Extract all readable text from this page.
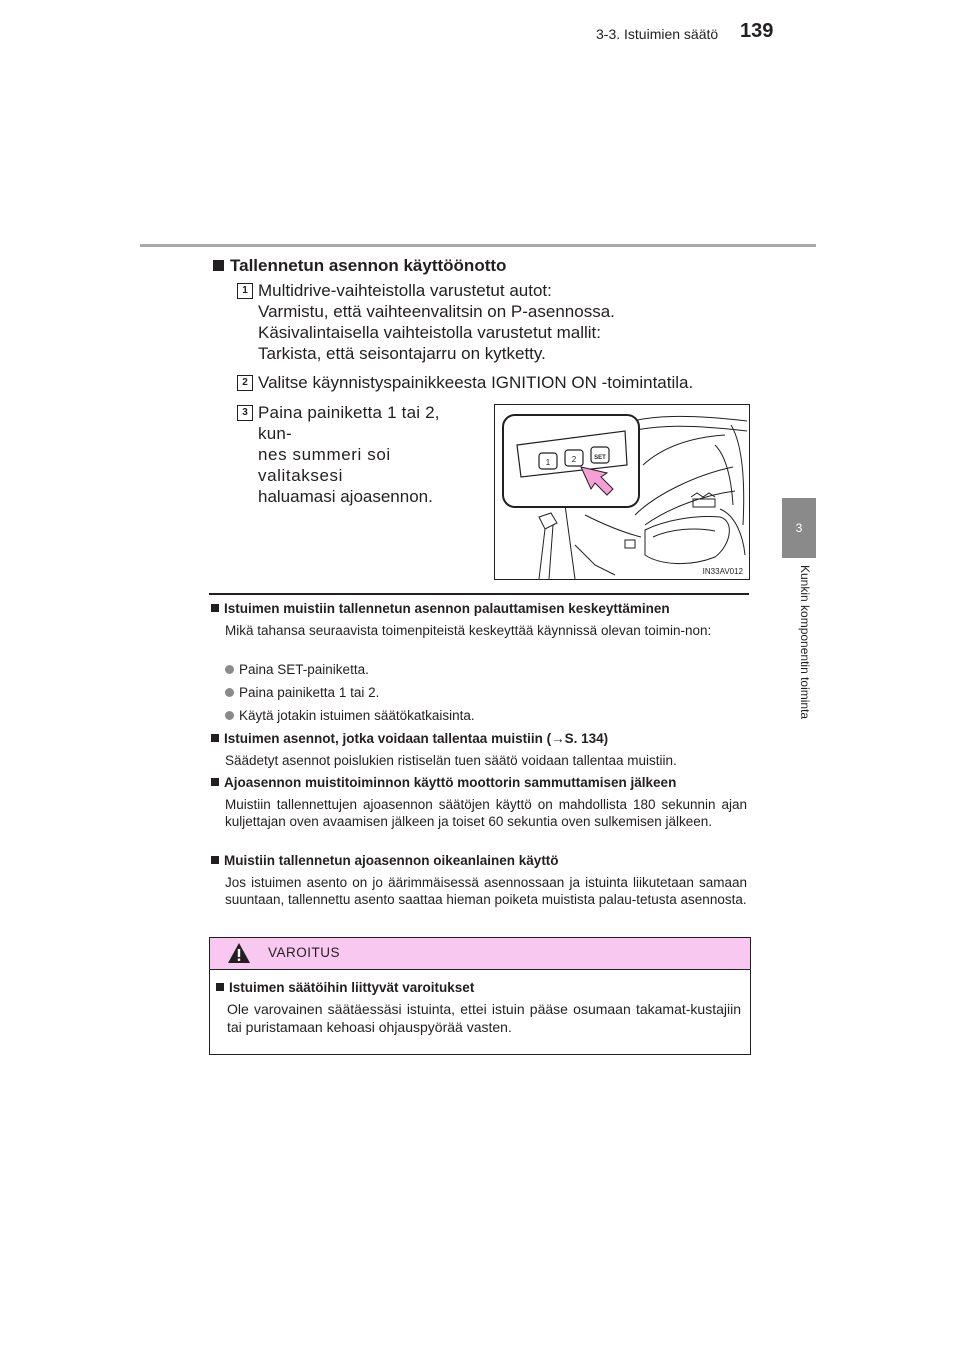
3-3. Istuimien säätö 139
3
Kunkin komponentin toiminta
Tallennetun asennon käyttöönotto
1 Multidrive-vaihteistolla varustetut autot:
Varmistu, että vaihteenvalitsin on P-asennossa.
Käsivalintaisella vaihteistolla varustetut mallit:
Tarkista, että seisontajarru on kytketty.
2 Valitse käynnistyspainikkeesta IGNITION ON -toimintatila.
3 Paina painiketta 1 tai 2, kun-
nes summeri soi valitaksesi
haluamasi ajoasennon.
1	2	SET
IN33AV012
Istuimen muistiin tallennetun asennon palauttamisen keskeyttäminen
Mikä tahansa seuraavista toimenpiteistä keskeyttää käynnissä olevan toimin-non:
Paina SET-painiketta.
Paina painiketta 1 tai 2.
Käytä jotakin istuimen säätökatkaisinta.
Istuimen asennot, jotka voidaan tallentaa muistiin (→S. 134)
Säädetyt asennot poislukien ristiselän tuen säätö voidaan tallentaa muistiin.
Ajoasennon muistitoiminnon käyttö moottorin sammuttamisen jälkeen
Muistiin tallennettujen ajoasennon säätöjen käyttö on mahdollista 180 sekunnin ajan kuljettajan oven avaamisen jälkeen ja toiset 60 sekuntia oven sulkemisen jälkeen.
Muistiin tallennetun ajoasennon oikeanlainen käyttö
Jos istuimen asento on jo äärimmäisessä asennossaan ja istuinta liikutetaan samaan suuntaan, tallennettu asento saattaa hieman poiketa muistista palau-tetusta asennosta.
VAROITUS
Istuimen säätöihin liittyvät varoitukset
Ole varovainen säätäessäsi istuinta, ettei istuin pääse osumaan takamat-kustajiin tai puristamaan kehoasi ohjauspyörää vasten.
